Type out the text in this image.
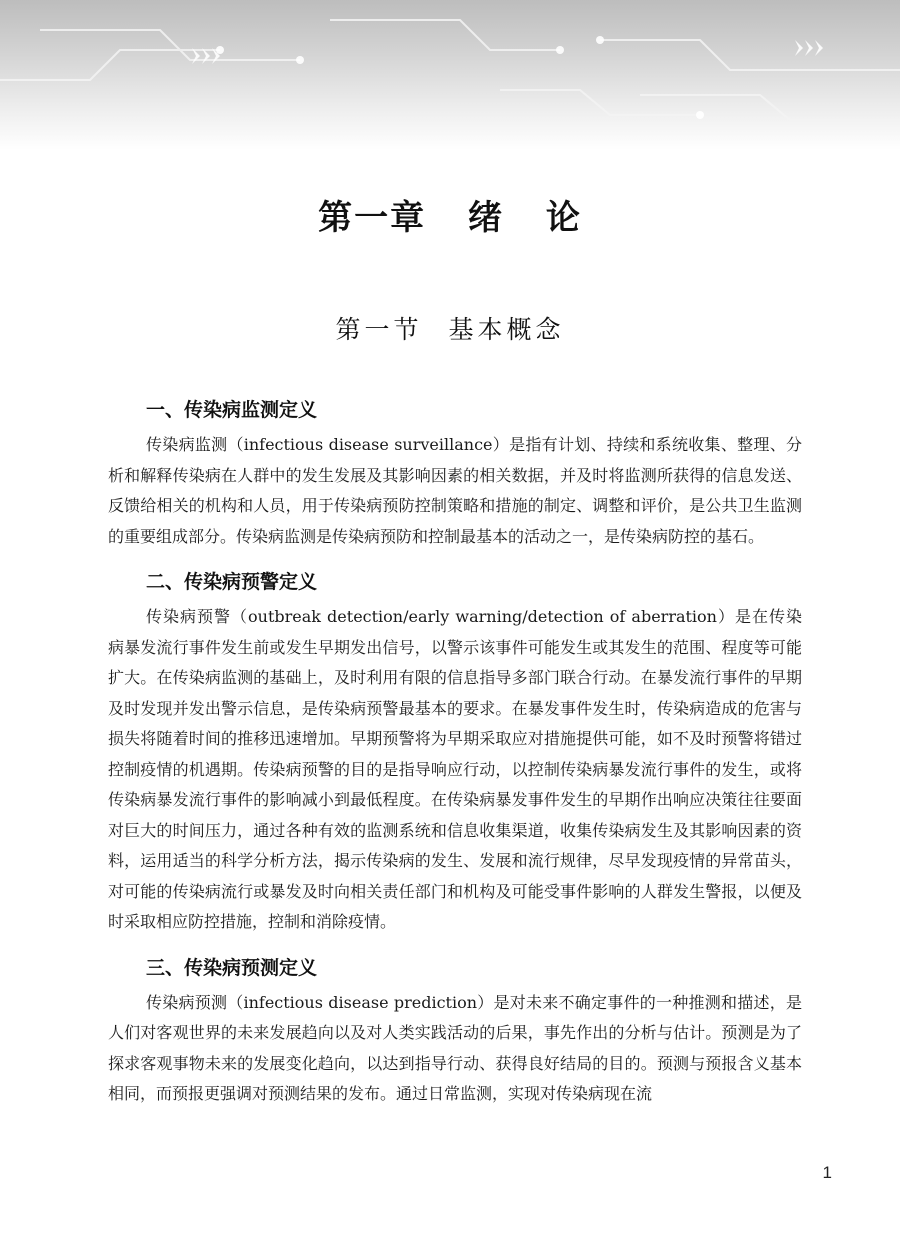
第一章 绪 论
第一节 基本概念
一、传染病监测定义

传染病监测（infectious disease surveillance）是指有计划、持续和系统收集、整理、分析和解释传染病在人群中的发生发展及其影响因素的相关数据，并及时将监测所获得的信息发送、反馈给相关的机构和人员，用于传染病预防控制策略和措施的制定、调整和评价，是公共卫生监测的重要组成部分。传染病监测是传染病预防和控制最基本的活动之一，是传染病防控的基石。

二、传染病预警定义

传染病预警（outbreak detection/early warning/detection of aberration）是在传染病暴发流行事件发生前或发生早期发出信号，以警示该事件可能发生或其发生的范围、程度等可能扩大。在传染病监测的基础上，及时利用有限的信息指导多部门联合行动。在暴发流行事件的早期及时发现并发出警示信息，是传染病预警最基本的要求。在暴发事件发生时，传染病造成的危害与损失将随着时间的推移迅速增加。早期预警将为早期采取应对措施提供可能，如不及时预警将错过控制疫情的机遇期。传染病预警的目的是指导响应行动，以控制传染病暴发流行事件的发生，或将传染病暴发流行事件的影响减小到最低程度。在传染病暴发事件发生的早期作出响应决策往往要面对巨大的时间压力，通过各种有效的监测系统和信息收集渠道，收集传染病发生及其影响因素的资料，运用适当的科学分析方法，揭示传染病的发生、发展和流行规律，尽早发现疫情的异常苗头，对可能的传染病流行或暴发及时向相关责任部门和机构及可能受事件影响的人群发生警报，以便及时采取相应防控措施，控制和消除疫情。

三、传染病预测定义

传染病预测（infectious disease prediction）是对未来不确定事件的一种推测和描述，是人们对客观世界的未来发展趋向以及对人类实践活动的后果，事先作出的分析与估计。预测是为了探求客观事物未来的发展变化趋向，以达到指导行动、获得良好结局的目的。预测与预报含义基本相同，而预报更强调对预测结果的发布。通过日常监测，实现对传染病现在流

1
